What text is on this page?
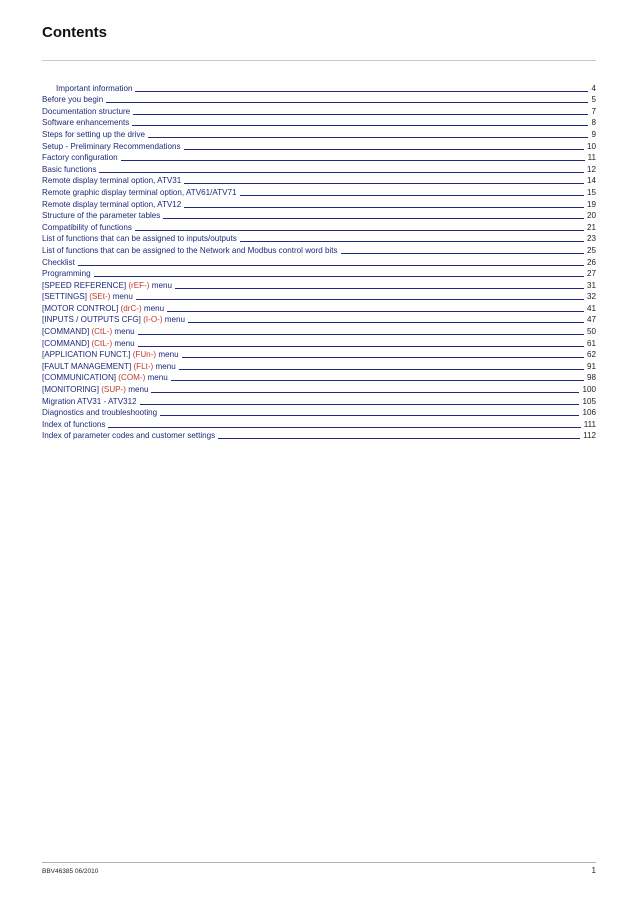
Contents
Important information	4
Before you begin	5
Documentation structure	7
Software enhancements	8
Steps for setting up the drive	9
Setup - Preliminary Recommendations	10
Factory configuration	11
Basic functions	12
Remote display terminal option, ATV31	14
Remote graphic display terminal option, ATV61/ATV71	15
Remote display terminal option, ATV12	19
Structure of the parameter tables	20
Compatibility of functions	21
List of functions that can be assigned to inputs/outputs	23
List of functions that can be assigned to the Network and Modbus control word bits	25
Checklist	26
Programming	27
[SPEED REFERENCE] (rEF-) menu	31
[SETTINGS] (SEt-) menu	32
[MOTOR CONTROL] (drC-) menu	41
[INPUTS / OUTPUTS CFG] (I-O-) menu	47
[COMMAND] (CtL-) menu	50
[COMMAND] (CtL-) menu	61
[APPLICATION FUNCT.] (FUn-) menu	62
[FAULT MANAGEMENT] (FLt-) menu	91
[COMMUNICATION] (COM-) menu	98
[MONITORING] (SUP-) menu	100
Migration ATV31 - ATV312	105
Diagnostics and troubleshooting	106
Index of functions	111
Index of parameter codes and customer settings	112
BBV46385 06/2010	1
